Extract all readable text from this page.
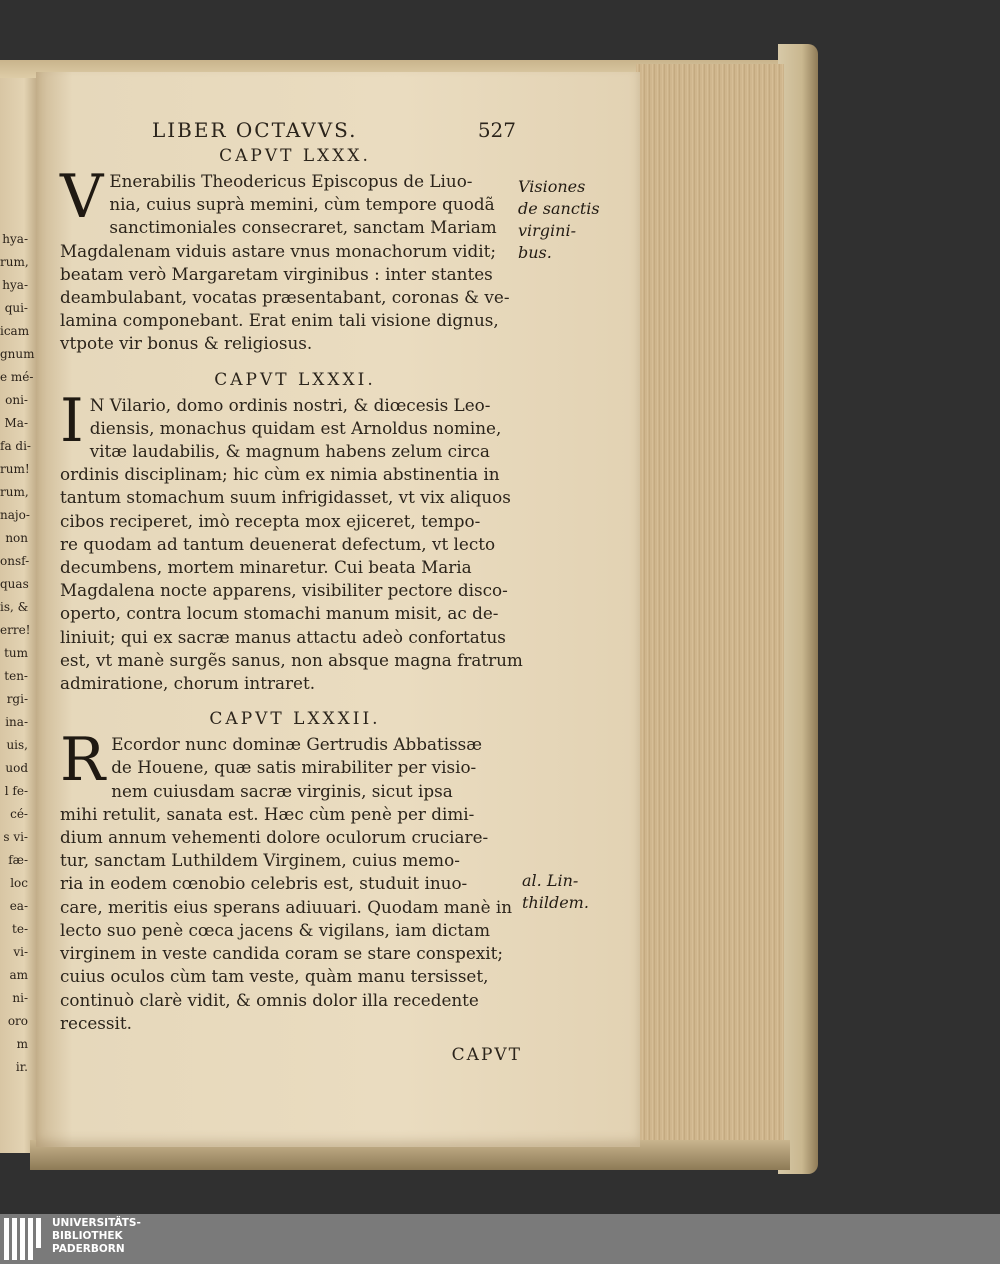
hya-
rum,
hya-
qui-
icam
gnum
e mé-
oni-
Ma-
fa di-
rum!
rum,
najo-
non
onsf-
quas
is, &
erre!
tum
ten-
rgi-
ina-
uis,
uod
l fe-
cé-
s vi-
fæ-
loc
ea-
te-
vi-
am
ni-
oro
m
ir.
LIBER OCTAVVS.	527
CAPVT LXXX.
V Enerabilis Theodericus Episcopus de Liuo-

nia, cuius suprà memini, cùm tempore quodã

sanctimoniales consecraret, sanctam Mariam

Magdalenam viduis astare vnus monachorum vidit;

beatam verò Margaretam virginibus : inter stantes

deambulabant, vocatas præsentabant, coronas & ve-

lamina componebant. Erat enim tali visione dignus,

vtpote vir bonus & religiosus.

CAPVT LXXXI.
I N Vilario, domo ordinis nostri, & diœcesis Leo-

diensis, monachus quidam est Arnoldus nomine,

vitæ laudabilis, & magnum habens zelum circa

ordinis disciplinam; hic cùm ex nimia abstinentia in

tantum stomachum suum infrigidasset, vt vix aliquos

cibos reciperet, imò recepta mox ejiceret, tempo-

re quodam ad tantum deuenerat defectum, vt lecto

decumbens, mortem minaretur. Cui beata Maria

Magdalena nocte apparens, visibiliter pectore disco-

operto, contra locum stomachi manum misit, ac de-

liniuit; qui ex sacræ manus attactu adeò confortatus

est, vt manè surgẽs sanus, non absque magna fratrum

admiratione, chorum intraret.

CAPVT LXXXII.
R Ecordor nunc dominæ Gertrudis Abbatissæ

de Houene, quæ satis mirabiliter per visio-

nem cuiusdam sacræ virginis, sicut ipsa

mihi retulit, sanata est. Hæc cùm penè per dimi-

dium annum vehementi dolore oculorum cruciare-

tur, sanctam Luthildem Virginem, cuius memo-

ria in eodem cœnobio celebris est, studuit inuo-

care, meritis eius sperans adiuuari. Quodam manè in

lecto suo penè cœca jacens & vigilans, iam dictam

virginem in veste candida coram se stare conspexit;

cuius oculos cùm tam veste, quàm manu tersisset,

continuò clarè vidit, & omnis dolor illa recedente

recessit.

CAPVT
Visiones
de sanctis
virgini-
bus.
al. Lin-
thildem.
UNIVERSITÄTS-
BIBLIOTHEK
PADERBORN
